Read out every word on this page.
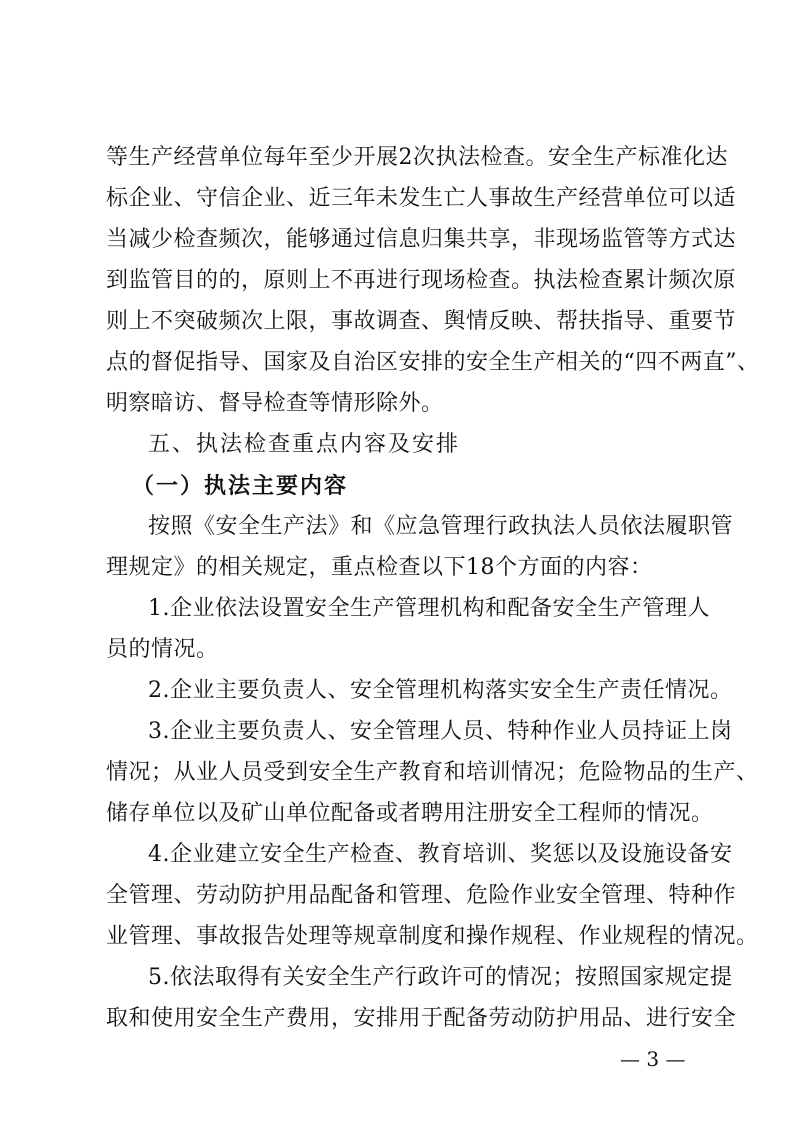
等生产经营单位每年至少开展2次执法检查。安全生产标准化达
标企业、守信企业、近三年未发生亡人事故生产经营单位可以适
当减少检查频次，能够通过信息归集共享，非现场监管等方式达
到监管目的的，原则上不再进行现场检查。执法检查累计频次原
则上不突破频次上限，事故调查、舆情反映、帮扶指导、重要节
点的督促指导、国家及自治区安排的安全生产相关的“四不两直”、
明察暗访、督导检查等情形除外。
五、执法检查重点内容及安排
（一）执法主要内容
按照《安全生产法》和《应急管理行政执法人员依法履职管
理规定》的相关规定，重点检查以下18个方面的内容：
1.企业依法设置安全生产管理机构和配备安全生产管理人
员的情况。
2.企业主要负责人、安全管理机构落实安全生产责任情况。
3.企业主要负责人、安全管理人员、特种作业人员持证上岗
情况；从业人员受到安全生产教育和培训情况；危险物品的生产、
储存单位以及矿山单位配备或者聘用注册安全工程师的情况。
4.企业建立安全生产检查、教育培训、奖惩以及设施设备安
全管理、劳动防护用品配备和管理、危险作业安全管理、特种作
业管理、事故报告处理等规章制度和操作规程、作业规程的情况。
5.依法取得有关安全生产行政许可的情况；按照国家规定提
取和使用安全生产费用，安排用于配备劳动防护用品、进行安全
— 3 —
